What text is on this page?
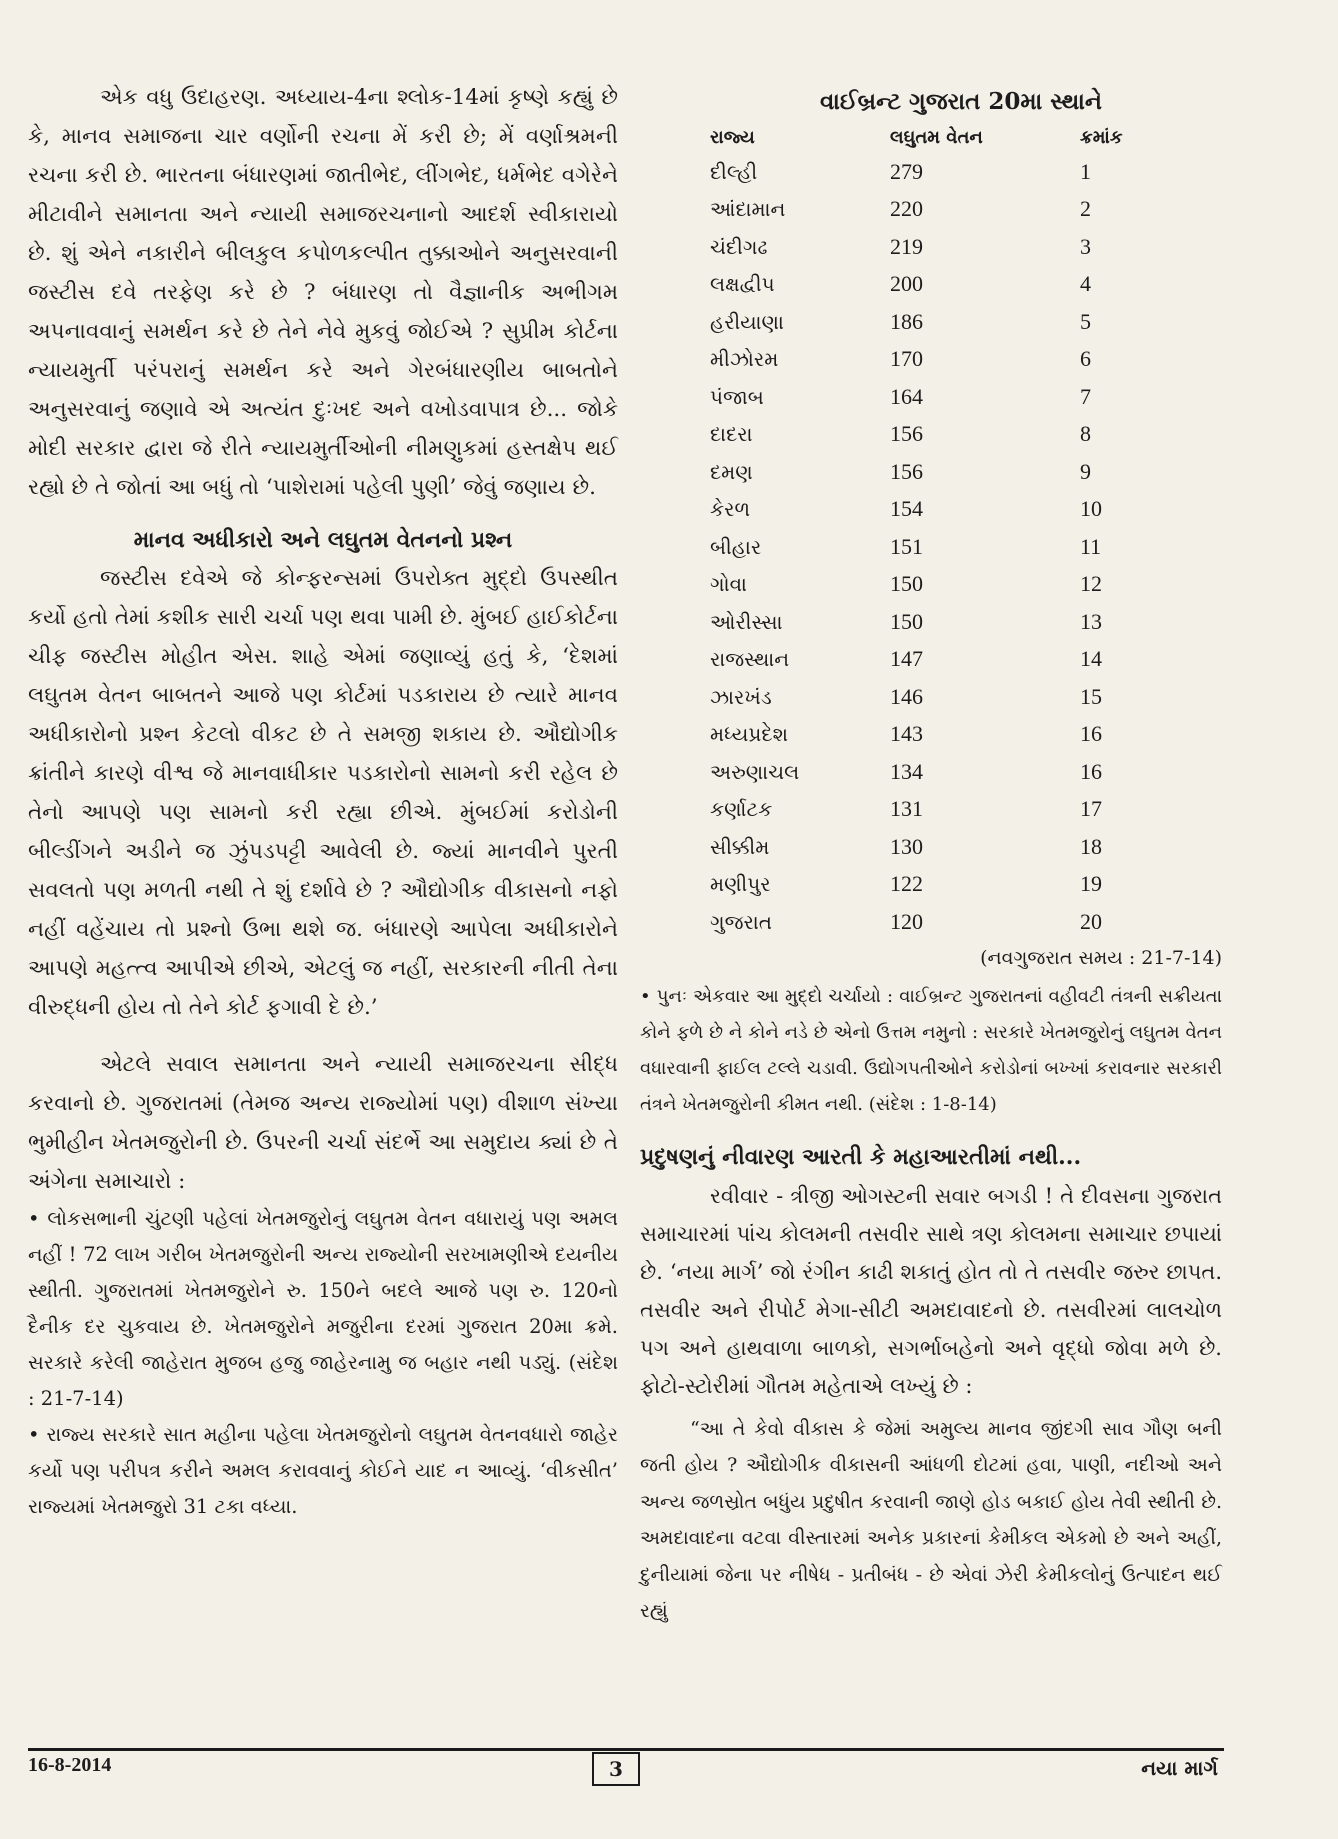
એક વધુ ઉદાહરણ. અધ્યાય-4ના શ્લોક-14માં કૃષ્ણે કહ્યું છે કે, માનવ સમાજના ચાર વર્ણોની રચના મેં કરી છે; મેં વર્ણાશ્રમની રચના કરી છે. ભારતના બંધારણમાં જાતીભેદ, લીંગભેદ, ધર્મભેદ વગેરેને મીટાવીને સમાનતા અને ન્યાયી સમાજરચનાનો આદર્શ સ્વીકારાયો છે. શું એને નકારીને બીલકુલ કપોળકલ્પીત તુક્કાઓને અનુસરવાની જસ્ટીસ દવે તરફેણ કરે છે ? બંધારણ તો વૈજ્ઞાનીક અભીગમ અપનાવવાનું સમર્થન કરે છે તેને નેવે મુકવું જોઈએ ? સુપ્રીમ કોર્ટના ન્યાયમુર્તી પરંપરાનું સમર્થન કરે અને ગેરબંધારણીય બાબતોને અનુસરવાનું જણાવે એ અત્યંત દુઃખદ અને વખોડવાપાત્ર છે... જોકે મોદી સરકાર દ્વારા જે રીતે ન્યાયમુર્તીઓની નીમણુકમાં હસ્તક્ષેપ થઈ રહ્યો છે તે જોતાં આ બધું તો ‘પાશેરામાં પહેલી પુણી’ જેવું જણાય છે.

માનવ અધીકારો અને લઘુતમ વેતનનો પ્રશ્ન

જસ્ટીસ દવેએ જે કોન્ફરન્સમાં ઉપરોક્ત મુદ્દો ઉપસ્થીત કર્યો હતો તેમાં કશીક સારી ચર્ચા પણ થવા પામી છે. મુંબઈ હાઈકોર્ટના ચીફ જસ્ટીસ મોહીત એસ. શાહે એમાં જણાવ્યું હતું કે, ‘દેશમાં લઘુતમ વેતન બાબતને આજે પણ કોર્ટમાં પડકારાય છે ત્યારે માનવ અધીકારોનો પ્રશ્ન કેટલો વીકટ છે તે સમજી શકાય છે. ઔદ્યોગીક ક્રાંતીને કારણે વીશ્વ જે માનવાધીકાર પડકારોનો સામનો કરી રહેલ છે તેનો આપણે પણ સામનો કરી રહ્યા છીએ. મુંબઈમાં કરોડોની બીલ્ડીંગને અડીને જ ઝુંપડપટ્ટી આવેલી છે. જ્યાં માનવીને પુરતી સવલતો પણ મળતી નથી તે શું દર્શાવે છે ? ઔદ્યોગીક વીકાસનો નફો નહીં વહેંચાય તો પ્રશ્નો ઉભા થશે જ. બંધારણે આપેલા અધીકારોને આપણે મહત્ત્વ આપીએ છીએ, એટલું જ નહીં, સરકારની નીતી તેના વીરુદ્ધની હોય તો તેને કોર્ટ ફગાવી દે છે.’

એટલે સવાલ સમાનતા અને ન્યાયી સમાજરચના સીદ્ધ કરવાનો છે. ગુજરાતમાં (તેમજ અન્ય રાજ્યોમાં પણ) વીશાળ સંખ્યા ભુમીહીન ખેતમજુરોની છે. ઉપરની ચર્ચા સંદર્ભે આ સમુદાય ક્યાં છે તે અંગેના સમાચારો :

• લોકસભાની ચુંટણી પહેલાં ખેતમજુરોનું લઘુતમ વેતન વધારાયું પણ અમલ નહીં ! 72 લાખ ગરીબ ખેતમજુરોની અન્ય રાજ્યોની સરખામણીએ દયનીય સ્થીતી. ગુજરાતમાં ખેતમજુરોને રુ. 150ને બદલે આજે પણ રુ. 120નો દૈનીક દર ચુકવાય છે. ખેતમજુરોને મજુરીના દરમાં ગુજરાત 20મા ક્રમે. સરકારે કરેલી જાહેરાત મુજબ હજુ જાહેરનામુ જ બહાર નથી પડ્યું. (સંદેશ : 21-7-14)

• રાજ્ય સરકારે સાત મહીના પહેલા ખેતમજુરોનો લઘુતમ વેતનવધારો જાહેર કર્યો પણ પરીપત્ર કરીને અમલ કરાવવાનું કોઈને યાદ ન આવ્યું. ‘વીકસીત’ રાજ્યમાં ખેતમજુરો 31 ટકા વધ્યા.

વાઈબ્રન્ટ ગુજરાત 20મા સ્થાને
રાજ્ય	લઘુતમ વેતન	ક્રમાંક
દીલ્હી	279	1
આંદામાન	220	2
ચંદીગઢ	219	3
લક્ષદ્વીપ	200	4
હરીયાણા	186	5
મીઝોરમ	170	6
પંજાબ	164	7
દાદરા	156	8
દમણ	156	9
કેરળ	154	10
બીહાર	151	11
ગોવા	150	12
ઓરીસ્સા	150	13
રાજસ્થાન	147	14
ઝારખંડ	146	15
મધ્યપ્રદેશ	143	16
અરુણાચલ	134	16
કર્ણાટક	131	17
સીક્કીમ	130	18
મણીપુર	122	19
ગુજરાત	120	20
(નવગુજરાત સમય : 21-7-14)

• પુનઃ એકવાર આ મુદ્દો ચર્ચાયો : વાઈબ્રન્ટ ગુજરાતનાં વહીવટી તંત્રની સક્રીયતા કોને ફળે છે ને કોને નડે છે એનો ઉત્તમ નમુનો : સરકારે ખેતમજુરોનું લઘુતમ વેતન વધારવાની ફાઈલ ટલ્લે ચડાવી. ઉદ્યોગપતીઓને કરોડોનાં બખ્ખાં કરાવનાર સરકારી તંત્રને ખેતમજુરોની કીમત નથી. (સંદેશ : 1-8-14)

પ્રદુષણનું નીવારણ આરતી કે મહાઆરતીમાં નથી...

રવીવાર - ત્રીજી ઓગસ્ટની સવાર બગડી ! તે દીવસના ગુજરાત સમાચારમાં પાંચ કોલમની તસવીર સાથે ત્રણ કોલમના સમાચાર છપાયાં છે. ‘નયા માર્ગ’ જો રંગીન કાઢી શકાતું હોત તો તે તસવીર જરુર છાપત. તસવીર અને રીપોર્ટ મેગા-સીટી અમદાવાદનો છે. તસવીરમાં લાલચોળ પગ અને હાથવાળા બાળકો, સગર્ભાબહેનો અને વૃદ્ધો જોવા મળે છે. ફોટો-સ્ટોરીમાં ગૌતમ મહેતાએ લખ્યું છે :

“આ તે કેવો વીકાસ કે જેમાં અમુલ્ય માનવ જીંદગી સાવ ગૌણ બની જતી હોય ? ઔદ્યોગીક વીકાસની આંધળી દોટમાં હવા, પાણી, નદીઓ અને અન્ય જળસ્રોત બધુંય પ્રદુષીત કરવાની જાણે હોડ બકાઈ હોય તેવી સ્થીતી છે. અમદાવાદના વટવા વીસ્તારમાં અનેક પ્રકારનાં કેમીકલ એકમો છે અને અહીં, દુનીયામાં જેના પર નીષેધ - પ્રતીબંધ - છે એવાં ઝેરી કેમીકલોનું ઉત્પાદન થઈ રહ્યું

16-8-2014	3	નયા માર્ગ
